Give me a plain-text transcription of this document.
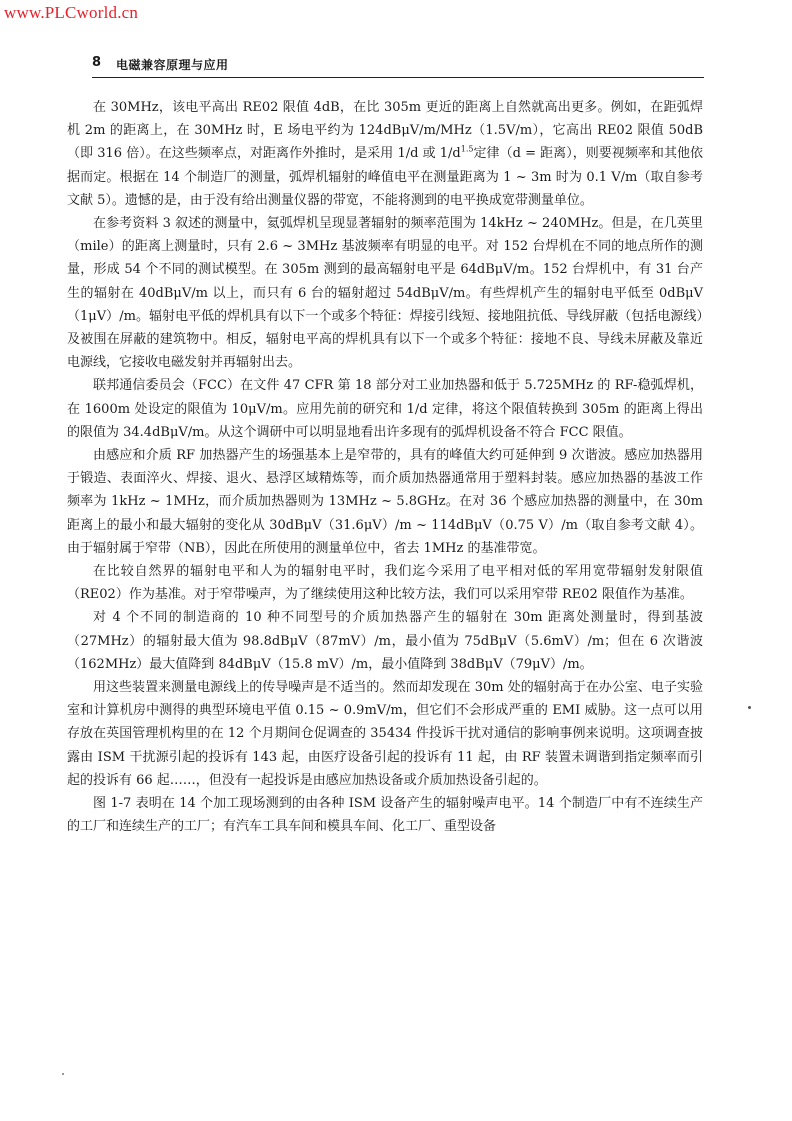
www.PLCworld.cn
8 电磁兼容原理与应用

在 30MHz，该电平高出 RE02 限值 4dB，在比 305m 更近的距离上自然就高出更多。例如，在距弧焊机 2m 的距离上，在 30MHz 时，E 场电平约为 124dBμV/m/MHz（1.5V/m），它高出 RE02 限值 50dB（即 316 倍）。在这些频率点，对距离作外推时，是采用 1/d 或 $1/d^{1.5}$定律（d = 距离），则要视频率和其他依据而定。根据在 14 个制造厂的测量，弧焊机辐射的峰值电平在测量距离为 1 ~ 3m 时为 0.1 V/m（取自参考文献 5）。遗憾的是，由于没有给出测量仪器的带宽，不能将测到的电平换成宽带测量单位。

在参考资料 3 叙述的测量中，氦弧焊机呈现显著辐射的频率范围为 14kHz ~ 240MHz。但是，在几英里（mile）的距离上测量时，只有 2.6 ~ 3MHz 基波频率有明显的电平。对 152 台焊机在不同的地点所作的测量，形成 54 个不同的测试模型。在 305m 测到的最高辐射电平是 64dBμV/m。152 台焊机中，有 31 台产生的辐射在 40dBμV/m 以上，而只有 6 台的辐射超过 54dBμV/m。有些焊机产生的辐射电平低至 0dBμV（1μV）/m。辐射电平低的焊机具有以下一个或多个特征：焊接引线短、接地阻抗低、导线屏蔽（包括电源线）及被围在屏蔽的建筑物中。相反，辐射电平高的焊机具有以下一个或多个特征：接地不良、导线未屏蔽及靠近电源线，它接收电磁发射并再辐射出去。

联邦通信委员会（FCC）在文件 47 CFR 第 18 部分对工业加热器和低于 5.725MHz 的 RF-稳弧焊机，在 1600m 处设定的限值为 10μV/m。应用先前的研究和 1/d 定律，将这个限值转换到 305m 的距离上得出的限值为 34.4dBμV/m。从这个调研中可以明显地看出许多现有的弧焊机设备不符合 FCC 限值。

由感应和介质 RF 加热器产生的场强基本上是窄带的，具有的峰值大约可延伸到 9 次谐波。感应加热器用于锻造、表面淬火、焊接、退火、悬浮区域精炼等，而介质加热器通常用于塑料封装。感应加热器的基波工作频率为 1kHz ~ 1MHz，而介质加热器则为 13MHz ~ 5.8GHz。在对 36 个感应加热器的测量中，在 30m 距离上的最小和最大辐射的变化从 30dBμV（31.6μV）/m ~ 114dBμV（0.75 V）/m（取自参考文献 4）。由于辐射属于窄带（NB），因此在所使用的测量单位中，省去 1MHz 的基准带宽。

在比较自然界的辐射电平和人为的辐射电平时，我们迄今采用了电平相对低的军用宽带辐射发射限值（RE02）作为基准。对于窄带噪声，为了继续使用这种比较方法，我们可以采用窄带 RE02 限值作为基准。

对 4 个不同的制造商的 10 种不同型号的介质加热器产生的辐射在 30m 距离处测量时，得到基波（27MHz）的辐射最大值为 98.8dBμV（87mV）/m，最小值为 75dBμV（5.6mV）/m；但在 6 次谐波（162MHz）最大值降到 84dBμV（15.8 mV）/m，最小值降到 38dBμV（79μV）/m。

用这些装置来测量电源线上的传导噪声是不适当的。然而却发现在 30m 处的辐射高于在办公室、电子实验室和计算机房中测得的典型环境电平值 0.15 ~ 0.9mV/m，但它们不会形成严重的 EMI 威胁。这一点可以用存放在英国管理机构里的在 12 个月期间仓促调查的 35434 件投诉干扰对通信的影响事例来说明。这项调查披露由 ISM 干扰源引起的投诉有 143 起，由医疗设备引起的投诉有 11 起，由 RF 装置未调谐到指定频率而引起的投诉有 66 起……，但没有一起投诉是由感应加热设备或介质加热设备引起的。

图 1-7 表明在 14 个加工现场测到的由各种 ISM 设备产生的辐射噪声电平。14 个制造厂中有不连续生产的工厂和连续生产的工厂；有汽车工具车间和模具车间、化工厂、重型设备
